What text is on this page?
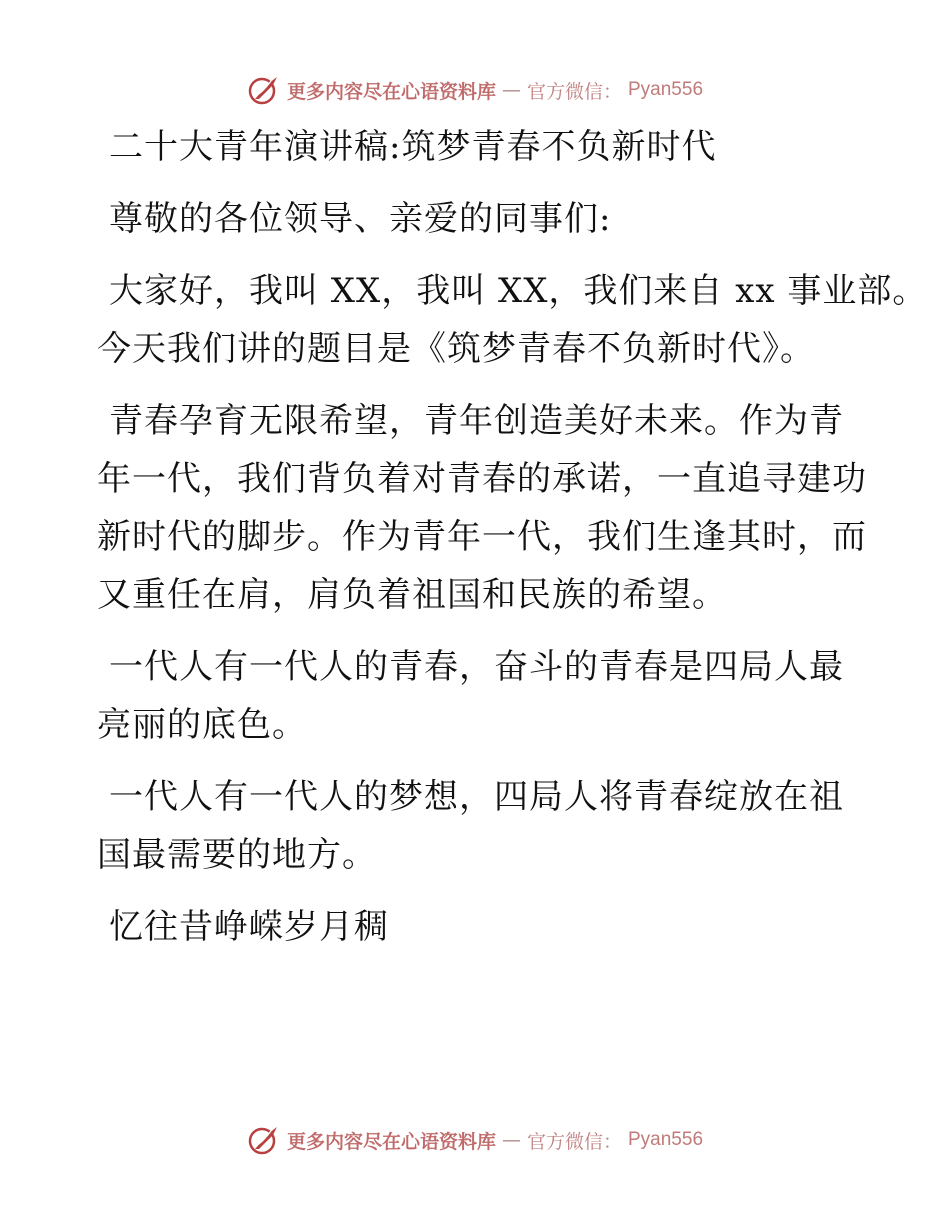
更多内容尽在心语资料库 — 官方微信： Pyan556
二十大青年演讲稿:筑梦青春不负新时代
尊敬的各位领导、亲爱的同事们:
大家好，我叫 XX，我叫 XX，我们来自 xx 事业部。
今天我们讲的题目是《筑梦青春不负新时代》。
青春孕育无限希望，青年创造美好未来。作为青
年一代，我们背负着对青春的承诺，一直追寻建功
新时代的脚步。作为青年一代，我们生逢其时，而
又重任在肩，肩负着祖国和民族的希望。
一代人有一代人的青春，奋斗的青春是四局人最
亮丽的底色。
一代人有一代人的梦想，四局人将青春绽放在祖
国最需要的地方。
忆往昔峥嵘岁月稠
更多内容尽在心语资料库 — 官方微信： Pyan556
